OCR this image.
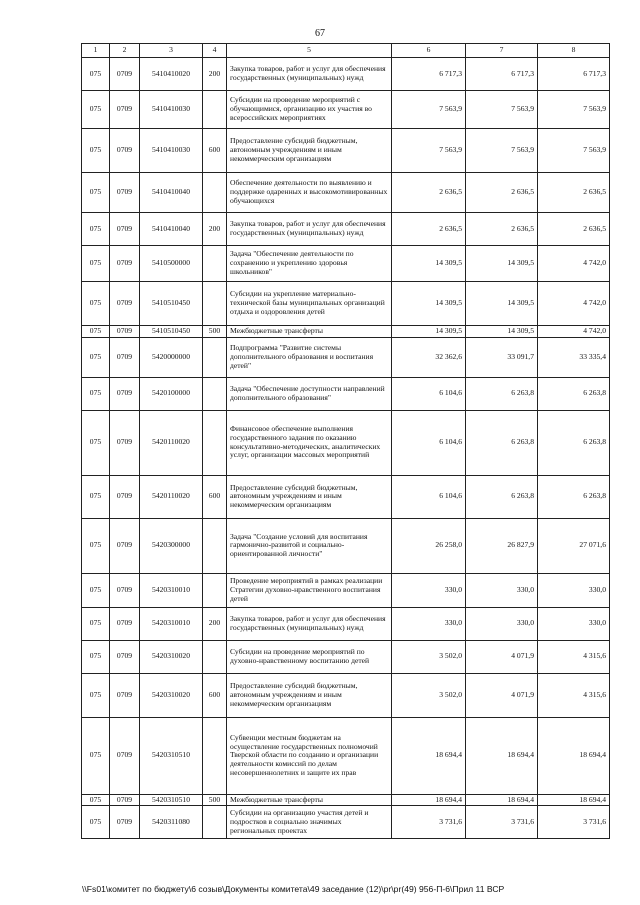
67
1	2	3	4	5	6	7	8
075	0709	5410410020	200	Закупка товаров, работ и услуг для обеспечения государственных (муниципальных) нужд	6 717,3	6 717,3	6 717,3
075	0709	5410410030		Субсидии на проведение мероприятий с обучающимися, организацию их участия во всероссийских мероприятиях	7 563,9	7 563,9	7 563,9
075	0709	5410410030	600	Предоставление субсидий бюджетным, автономным учреждениям и иным некоммерческим организациям	7 563,9	7 563,9	7 563,9
075	0709	5410410040		Обеспечение деятельности по выявлению и поддержке одаренных и высокомотивированных обучающихся	2 636,5	2 636,5	2 636,5
075	0709	5410410040	200	Закупка товаров, работ и услуг для обеспечения государственных (муниципальных) нужд	2 636,5	2 636,5	2 636,5
075	0709	5410500000		Задача "Обеспечение деятельности по сохранению и укреплению здоровья школьников"	14 309,5	14 309,5	4 742,0
075	0709	5410510450		Субсидии на укрепление материально-технической базы муниципальных организаций отдыха и оздоровления детей	14 309,5	14 309,5	4 742,0
075	0709	5410510450	500	Межбюджетные трансферты	14 309,5	14 309,5	4 742,0
075	0709	5420000000		Подпрограмма "Развитие системы дополнительного образования и воспитания детей"	32 362,6	33 091,7	33 335,4
075	0709	5420100000		Задача "Обеспечение доступности направлений дополнительного образования"	6 104,6	6 263,8	6 263,8
075	0709	5420110020		Финансовое обеспечение выполнения государственного задания по оказанию консультативно-методических, аналитических услуг, организации массовых мероприятий	6 104,6	6 263,8	6 263,8
075	0709	5420110020	600	Предоставление субсидий бюджетным, автономным учреждениям и иным некоммерческим организациям	6 104,6	6 263,8	6 263,8
075	0709	5420300000		Задача "Создание условий для воспитания гармонично-развитой и социально-ориентированной личности"	26 258,0	26 827,9	27 071,6
075	0709	5420310010		Проведение мероприятий в рамках реализации Стратегии духовно-нравственного воспитания детей	330,0	330,0	330,0
075	0709	5420310010	200	Закупка товаров, работ и услуг для обеспечения государственных (муниципальных) нужд	330,0	330,0	330,0
075	0709	5420310020		Субсидии на проведение мероприятий по духовно-нравственному воспитанию детей	3 502,0	4 071,9	4 315,6
075	0709	5420310020	600	Предоставление субсидий бюджетным, автономным учреждениям и иным некоммерческим организациям	3 502,0	4 071,9	4 315,6
075	0709	5420310510		Субвенции местным бюджетам на осуществление государственных полномочий Тверской области по созданию и организации деятельности комиссий по делам несовершеннолетних и защите их прав	18 694,4	18 694,4	18 694,4
075	0709	5420310510	500	Межбюджетные трансферты	18 694,4	18 694,4	18 694,4
075	0709	5420311080		Субсидии на организацию участия детей и подростков в социально значимых региональных проектах	3 731,6	3 731,6	3 731,6
\\Fs01\комитет по бюджету\6 созыв\Документы комитета\49 заседание (12)\pr\pr(49) 956-П-6\Прил 11 ВСР
